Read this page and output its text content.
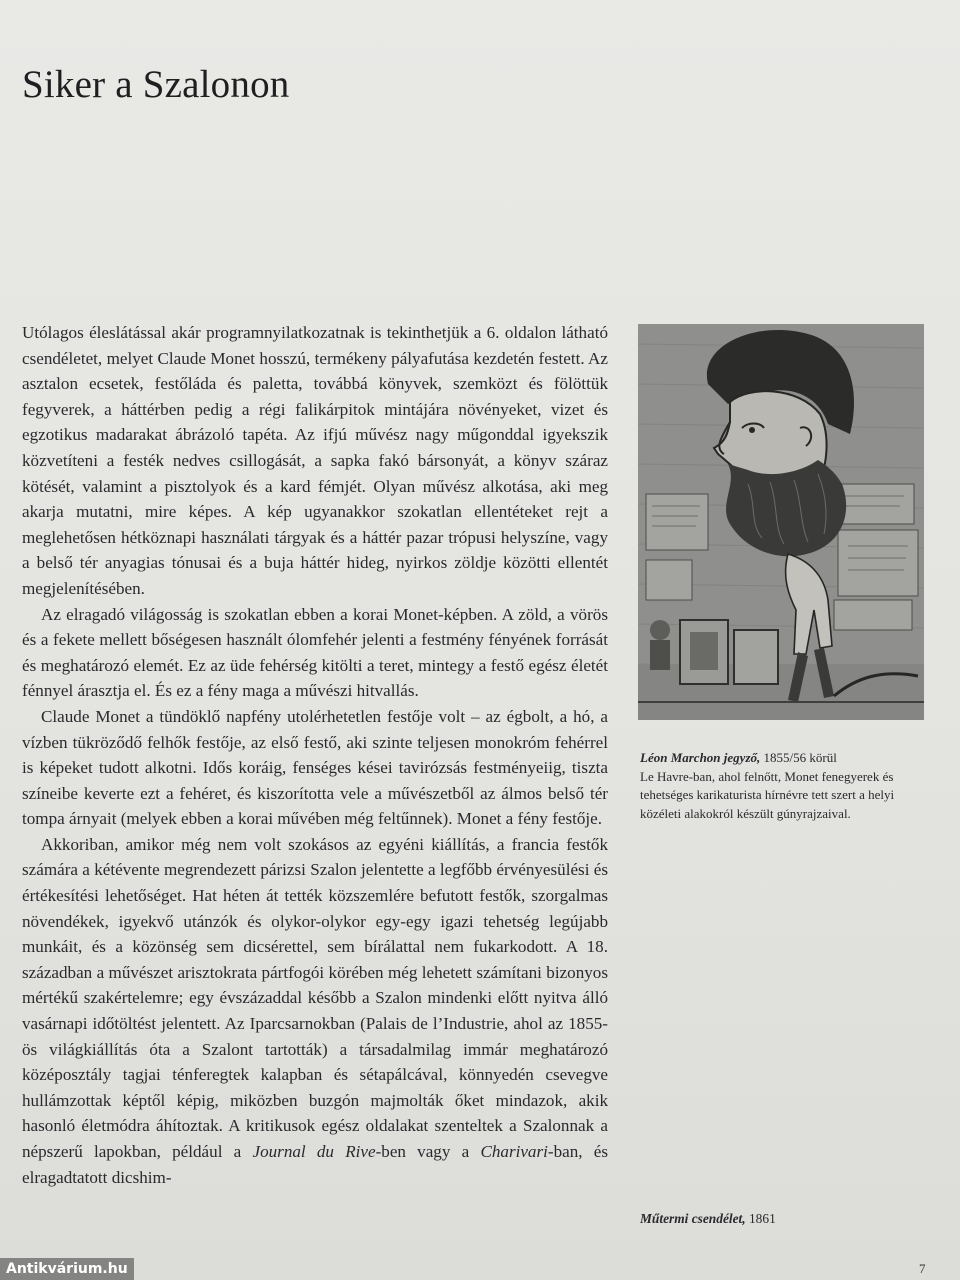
Siker a Szalonon

Utólagos éleslátással akár programnyilatkozatnak is tekinthetjük a 6. oldalon látható csendéletet, melyet Claude Monet hosszú, termékeny pályafutása kezdetén festett. Az asztalon ecsetek, festőláda és paletta, továbbá könyvek, szemközt és fölöttük fegyverek, a háttérben pedig a régi falikárpitok mintájára növényeket, vizet és egzotikus madarakat ábrázoló tapéta. Az ifjú művész nagy műgonddal igyekszik közvetíteni a festék nedves csillogását, a sapka fakó bársonyát, a könyv száraz kötését, valamint a pisztolyok és a kard fémjét. Olyan művész alkotása, aki meg akarja mutatni, mire képes. A kép ugyanakkor szokatlan ellentéteket rejt a meglehetősen hétköznapi használati tárgyak és a háttér pazar trópusi helyszíne, vagy a belső tér anyagias tónusai és a buja háttér hideg, nyirkos zöldje közötti ellentét megjelenítésében.

Az elragadó világosság is szokatlan ebben a korai Monet-képben. A zöld, a vörös és a fekete mellett bőségesen használt ólomfehér jelenti a festmény fényének forrását és meghatározó elemét. Ez az üde fehérség kitölti a teret, mintegy a festő egész életét fénnyel árasztja el. És ez a fény maga a művészi hitvallás.

Claude Monet a tündöklő napfény utolérhetetlen festője volt – az égbolt, a hó, a vízben tükröződő felhők festője, az első festő, aki szinte teljesen monokróm fehérrel is képeket tudott alkotni. Idős koráig, fenséges kései tavirózsás festményeiig, tiszta színeibe keverte ezt a fehéret, és kiszorította vele a művészetből az álmos belső tér tompa árnyait (melyek ebben a korai művében még feltűnnek). Monet a fény festője.

Akkoriban, amikor még nem volt szokásos az egyéni kiállítás, a francia festők számára a kétévente megrendezett párizsi Szalon jelentette a legfőbb érvényesülési és értékesítési lehetőséget. Hat héten át tették közszemlére befutott festők, szorgalmas növendékek, igyekvő utánzók és olykor-olykor egy-egy igazi tehetség legújabb munkáit, és a közönség sem dicsérettel, sem bírálattal nem fukarkodott. A 18. században a művészet arisztokrata pártfogói körében még lehetett számítani bizonyos mértékű szakértelemre; egy évszázaddal később a Szalon mindenki előtt nyitva álló vasárnapi időtöltést jelentett. Az Iparcsarnokban (Palais de l’Industrie, ahol az 1855-ös világkiállítás óta a Szalont tartották) a társadalmilag immár meghatározó középosztály tagjai ténferegtek kalapban és sétapálcával, könnyedén csevegve hullámzottak képtől képig, miközben buzgón majmolták őket mindazok, akik hasonló életmódra áhítoztak. A kritikusok egész oldalakat szenteltek a Szalonnak a népszerű lapokban, például a Journal du Rive-ben vagy a Charivari-ban, és elragadtatott dicshim-

Léon Marchon jegyző, 1855/56 körül
Le Havre-ban, ahol felnőtt, Monet fenegyerek és tehetséges karikaturista hírnévre tett szert a helyi közéleti alakokról készült gúnyrajzaival.
Műtermi csendélet, 1861
Antikvárium.hu	7
